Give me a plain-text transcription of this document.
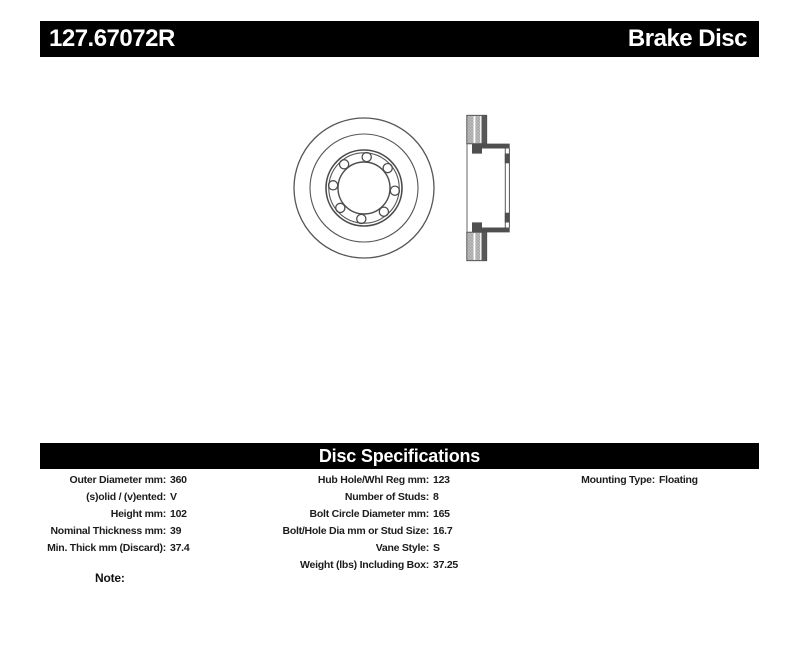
127.67072R	Brake Disc
Disc Specifications
Outer Diameter mm: 360
(s)olid / (v)ented: V
Height mm: 102
Nominal Thickness mm: 39
Min. Thick mm (Discard): 37.4
Hub Hole/Whl Reg mm: 123
Number of Studs: 8
Bolt Circle Diameter mm: 165
Bolt/Hole Dia mm or Stud Size: 16.7
Vane Style: S
Weight (lbs) Including Box: 37.25
Mounting Type: Floating
Note:
